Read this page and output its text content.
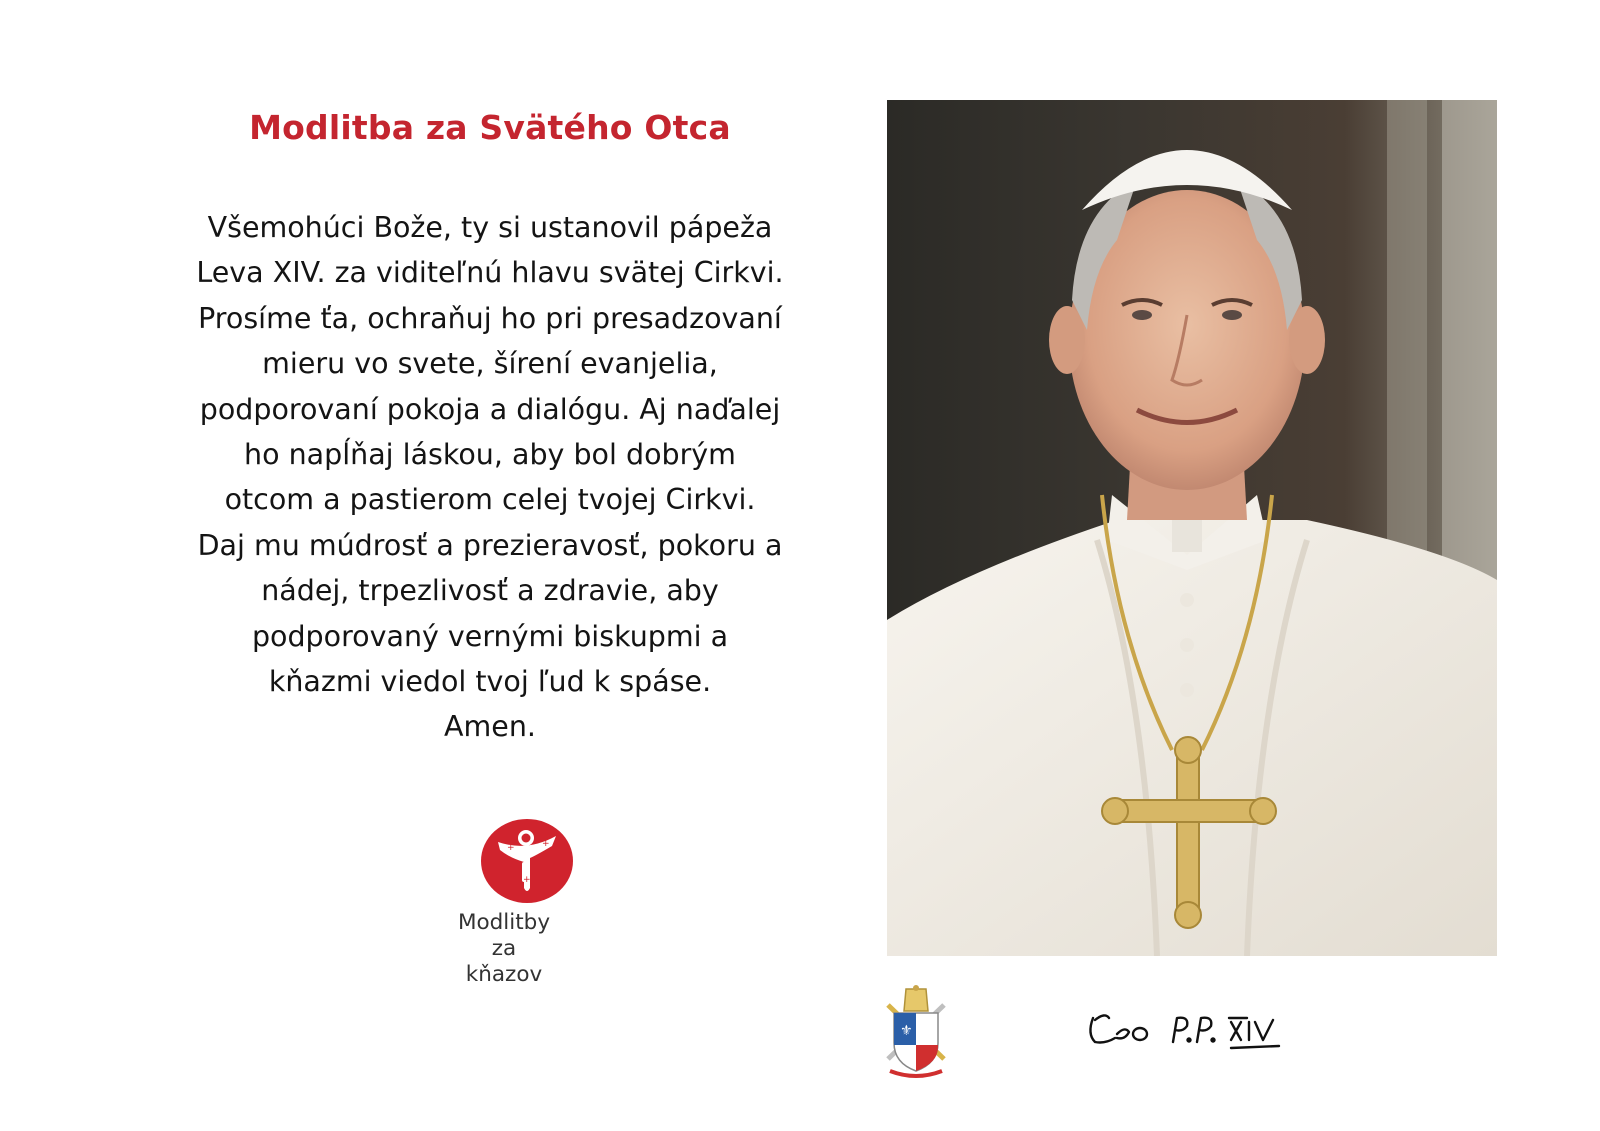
Modlitba za Svätého Otca
Všemohúci Bože, ty si ustanovil pápeža
Leva XIV. za viditeľnú hlavu svätej Cirkvi.
Prosíme ťa, ochraňuj ho pri presadzovaní
mieru vo svete, šírení evanjelia,
podporovaní pokoja a dialógu. Aj naďalej
ho napĺňaj láskou, aby bol dobrým
otcom a pastierom celej tvojej Cirkvi.
Daj mu múdrosť a prezieravosť, pokoru a
nádej, trpezlivosť a zdravie, aby
podporovaný vernými biskupmi a
kňazmi viedol tvoj ľud k spáse.
Amen.
+	+
+
Modlitby
za kňazov
⚜
